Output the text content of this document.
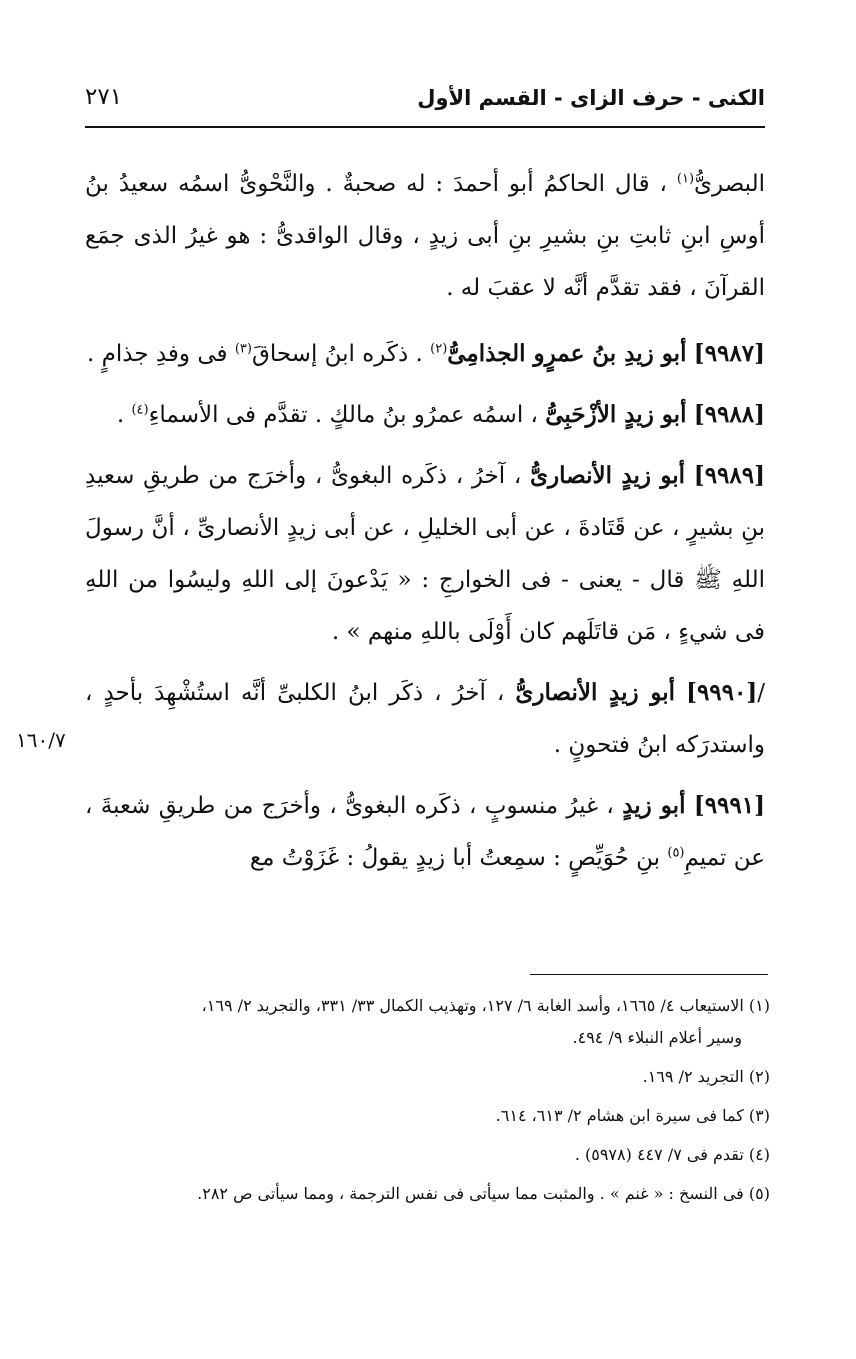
الكنى - حرف الزاى - القسم الأول
٢٧١

البصرىُّ$^{(١)}$ ، قال الحاكمُ أبو أحمدَ : له صحبةٌ . والنَّحْوىُّ اسمُه سعيدُ بنُ أوسِ ابنِ ثابتِ بنِ بشيرِ بنِ أبى زيدٍ ، وقال الواقدىُّ : هو غيرُ الذى جمَع القرآنَ ، فقد تقدَّم أنَّه لا عقبَ له .

[٩٩٨٧] أبو زيدِ بنُ عمرٍو الجذامِىُّ$^{(٢)}$ . ذكَره ابنُ إسحاقَ$^{(٣)}$ فى وفدِ جذامٍ .

[٩٩٨٨] أبو زيدٍ الأزْحَبِىُّ ، اسمُه عمرُو بنُ مالكٍ . تقدَّم فى الأسماءِ$^{(٤)}$ .

[٩٩٨٩] أبو زيدٍ الأنصارىُّ ، آخرُ ، ذكَره البغوىُّ ، وأخرَج من طريقِ سعيدِ بنِ بشيرٍ ، عن قَتَادةَ ، عن أبى الخليلِ ، عن أبى زيدٍ الأنصارىِّ ، أنَّ رسولَ اللهِ ﷺ قال - يعنى - فى الخوارجِ : « يَدْعونَ إلى اللهِ وليسُوا من اللهِ فى شيءٍ ، مَن قاتَلَهم كان أَوْلَى باللهِ منهم » .

/[٩٩٩٠] أبو زيدٍ الأنصارىُّ ، آخرُ ، ذكَر ابنُ الكلبىِّ أنَّه استُشْهِدَ بأحدٍ ، واستدرَكه ابنُ فتحونٍ .

[٩٩٩١] أبو زيدٍ ، غيرُ منسوبٍ ، ذكَره البغوىُّ ، وأخرَج من طريقِ شعبةَ ، عن تميمِ$^{(٥)}$ بنِ حُوَيِّصٍ : سمِعتُ أبا زيدٍ يقولُ : غَزَوْتُ مع

١٦٠/٧
(١) الاستيعاب ٤/ ١٦٦٥، وأسد الغابة ٦/ ١٢٧، وتهذيب الكمال ٣٣/ ٣٣١، والتجريد ٢/ ١٦٩،
وسير أعلام النبلاء ٩/ ٤٩٤.
(٢) التجريد ٢/ ١٦٩.
(٣) كما فى سيرة ابن هشام ٢/ ٦١٣، ٦١٤.
(٤) تقدم فى ٧/ ٤٤٧ (٥٩٧٨) .
(٥) فى النسخ : « غنم » . والمثبت مما سيأتى فى نفس الترجمة ، ومما سيأتى ص ٢٨٢.
